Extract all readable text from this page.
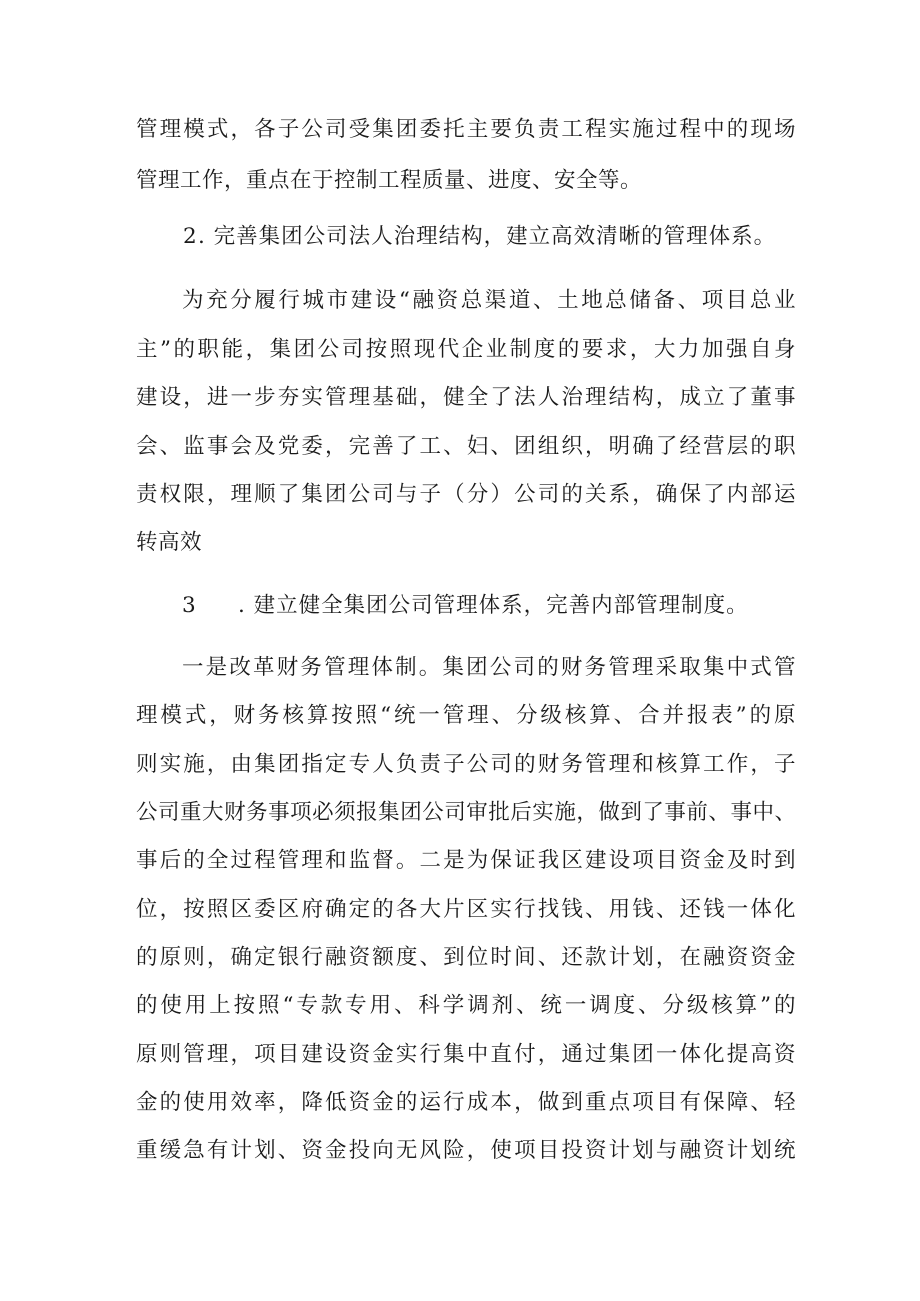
管理模式，各子公司受集团委托主要负责工程实施过程中的现场
管理工作，重点在于控制工程质量、进度、安全等。
2 . 完善集团公司法人治理结构，建立高效清晰的管理体系。
为充分履行城市建设“融资总渠道、土地总储备、项目总业
主”的职能，集团公司按照现代企业制度的要求，大力加强自身
建设，进一步夯实管理基础，健全了法人治理结构，成立了董事
会、监事会及党委，完善了工、妇、团组织，明确了经营层的职
责权限，理顺了集团公司与子（分）公司的关系，确保了内部运
转高效
3 . 建立健全集团公司管理体系，完善内部管理制度。
一是改革财务管理体制。集团公司的财务管理采取集中式管
理模式，财务核算按照“统一管理、分级核算、合并报表”的原
则实施，由集团指定专人负责子公司的财务管理和核算工作，子
公司重大财务事项必须报集团公司审批后实施，做到了事前、事中、
事后的全过程管理和监督。二是为保证我区建设项目资金及时到
位，按照区委区府确定的各大片区实行找钱、用钱、还钱一体化
的原则，确定银行融资额度、到位时间、还款计划，在融资资金
的使用上按照“专款专用、科学调剂、统一调度、分级核算”的
原则管理，项目建设资金实行集中直付，通过集团一体化提高资
金的使用效率，降低资金的运行成本，做到重点项目有保障、轻
重缓急有计划、资金投向无风险，使项目投资计划与融资计划统
